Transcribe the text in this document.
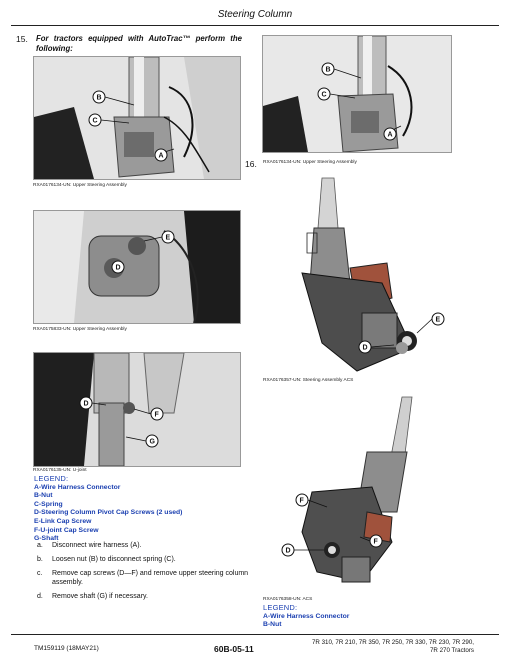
Steering Column
15. For tractors equipped with AutoTrac™ perform the following:
B
C
A
RXA0176134-UN: Upper Steering Assembly
E
D
RXA0175833-UN: Upper Steering Assembly
D
F
G
RXA0176135-UN: U-joint
LEGEND:
A-Wire Harness Connector
B-Nut
C-Spring
D-Steering Column Pivot Cap Screws (2 used)
E-Link Cap Screw
F-U-joint Cap Screw
G-Shaft
a. Disconnect wire harness (A).
b. Loosen nut (B) to disconnect spring (C).
c. Remove cap screws (D—F) and remove upper steering column assembly.
d. Remove shaft (G) if necessary.
B
C
A
16. RXA0176134-UN: Upper Steering Assembly
E
D
RXA0176357-UN: Steering Assembly ACS
F
F
D
RXA0176358-UN: ACS
LEGEND:
A-Wire Harness Connector
B-Nut
TM159119 (18MAY21)	60B-05-11
7R 310, 7R 210, 7R 350, 7R 250, 7R 330, 7R 230, 7R 290,
7R 270 Tractors
